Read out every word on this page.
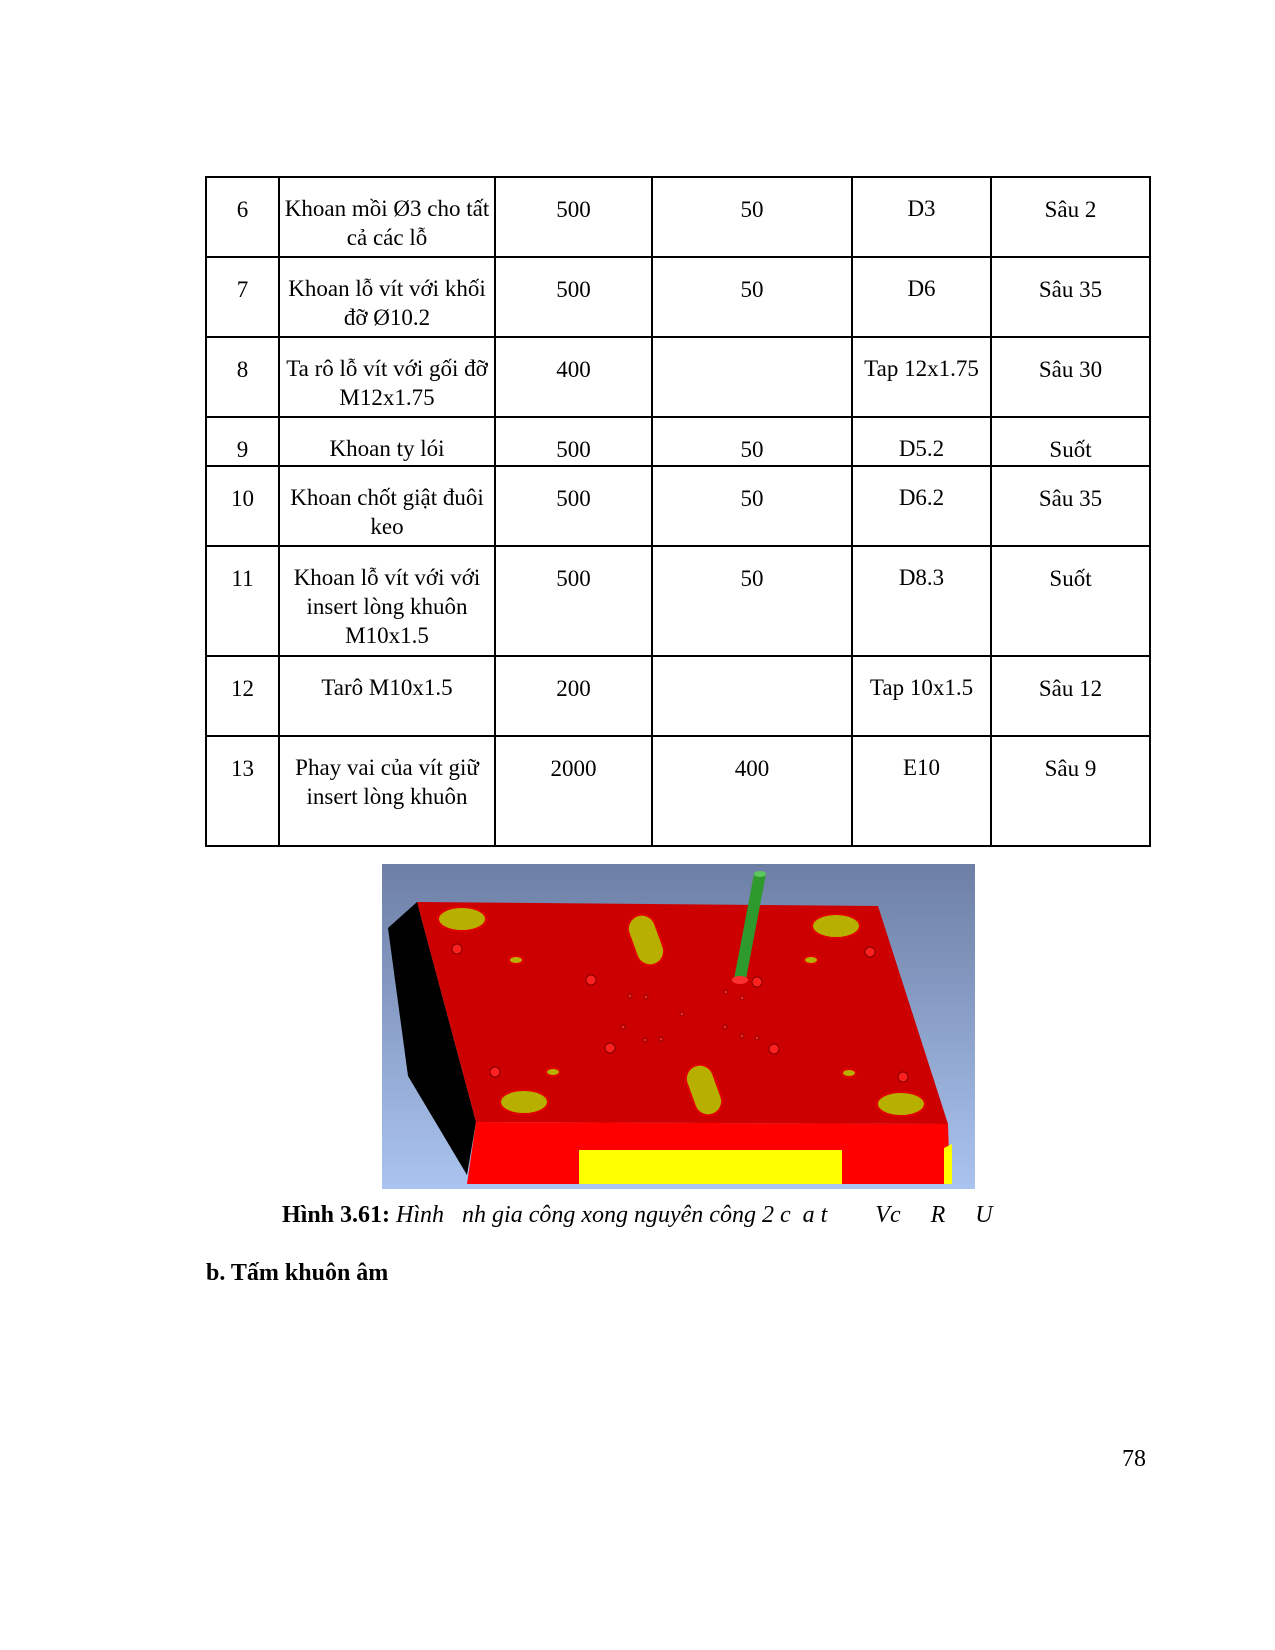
6	Khoan mồi Ø3 cho tất cả các lỗ	500	50	D3	Sâu 2
7	Khoan lỗ vít với khối đỡ Ø10.2	500	50	D6	Sâu 35
8	Ta rô lỗ vít với gối đỡ M12x1.75	400		Tap 12x1.75	Sâu 30
9	Khoan ty lói	500	50	D5.2	Suốt
10	Khoan chốt giật đuôi keo	500	50	D6.2	Sâu 35
11	Khoan lỗ vít với với insert lòng khuôn M10x1.5	500	50	D8.3	Suốt
12	Tarô M10x1.5	200		Tap 10x1.5	Sâu 12
13	Phay vai của vít giữ insert lòng khuôn	2000	400	E10	Sâu 9
Hình 3.61: Hình   nh gia công xong nguyên công 2 c  a t        Vc     R     U
b. Tấm khuôn âm
78
